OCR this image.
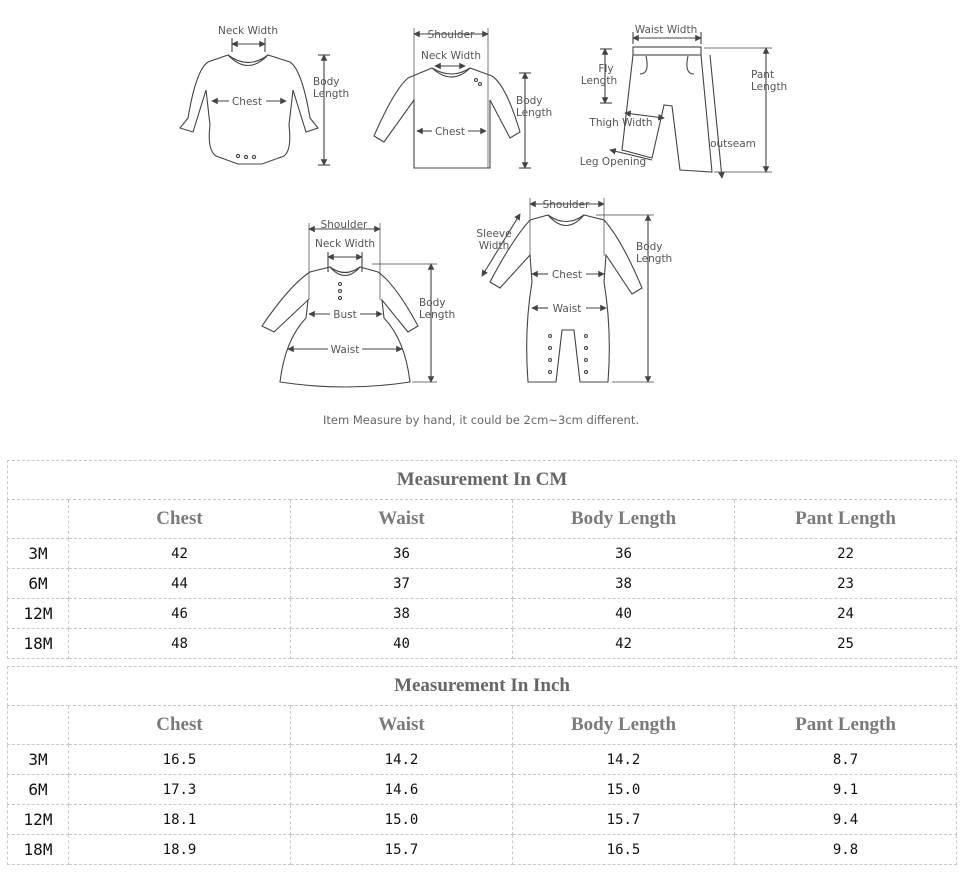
Neck Width
Chest
Body
Length
Shoulder
Neck Width
Chest
Body
Length
Waist Width
Fly
Length
Thigh Width
Leg Opening
outseam
Pant
Length
Shoulder
Neck Width
Bust
Waist
Body
Length
Shoulder
Sleeve
Width
Chest
Waist
Body
Length
Item Measure by hand, it could be 2cm~3cm different.
Measurement In CM				
	Chest	Waist	Body Length	Pant Length
3M	42	36	36	22
6M	44	37	38	23
12M	46	38	40	24
18M	48	40	42	25
Measurement In Inch				
	Chest	Waist	Body Length	Pant Length
3M	16.5	14.2	14.2	8.7
6M	17.3	14.6	15.0	9.1
12M	18.1	15.0	15.7	9.4
18M	18.9	15.7	16.5	9.8
